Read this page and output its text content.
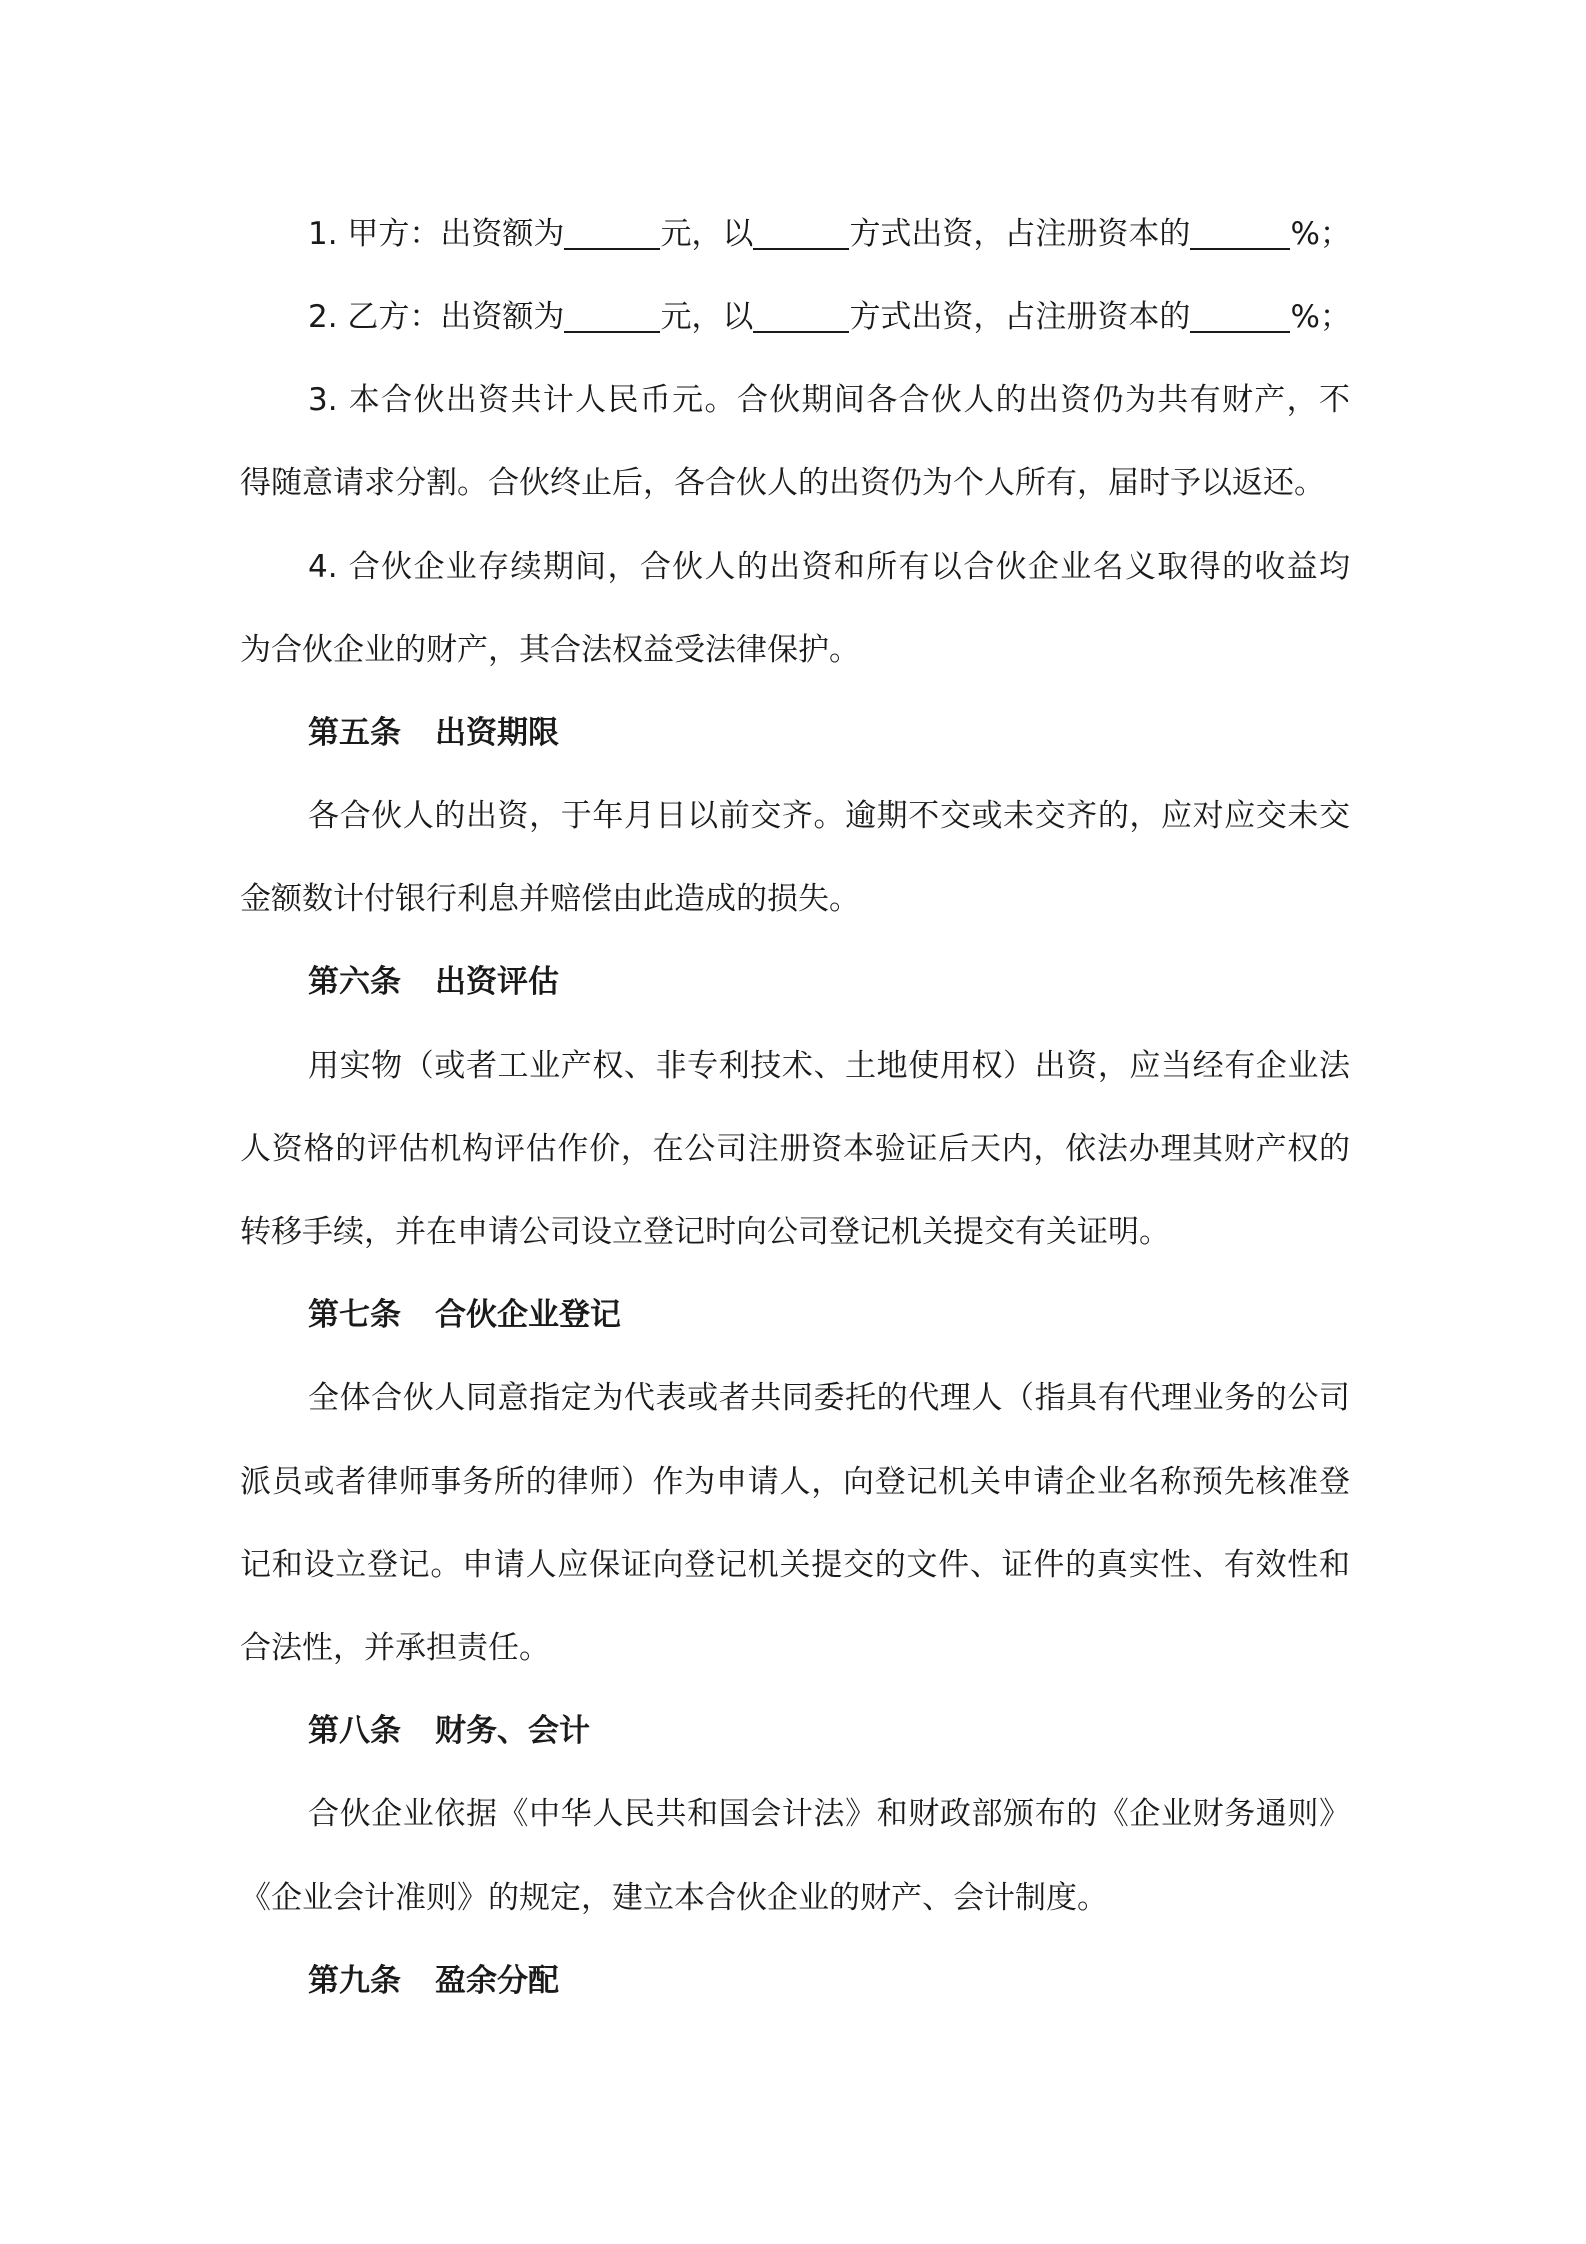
1. 甲方：出资额为	元，以	方式出资，占注册资本的	%；
2. 乙方：出资额为	元，以	方式出资，占注册资本的	%；
3. 本合伙出资共计人民币元。合伙期间各合伙人的出资仍为共有财产，不
得随意请求分割。合伙终止后，各合伙人的出资仍为个人所有，届时予以返还。
4. 合伙企业存续期间，合伙人的出资和所有以合伙企业名义取得的收益均
为合伙企业的财产，其合法权益受法律保护。
第五条 出资期限
各合伙人的出资，于年月日以前交齐。逾期不交或未交齐的，应对应交未交
金额数计付银行利息并赔偿由此造成的损失。
第六条 出资评估
用实物（或者工业产权、非专利技术、土地使用权）出资，应当经有企业法
人资格的评估机构评估作价，在公司注册资本验证后天内，依法办理其财产权的
转移手续，并在申请公司设立登记时向公司登记机关提交有关证明。
第七条 合伙企业登记
全体合伙人同意指定为代表或者共同委托的代理人（指具有代理业务的公司
派员或者律师事务所的律师）作为申请人，向登记机关申请企业名称预先核准登
记和设立登记。申请人应保证向登记机关提交的文件、证件的真实性、有效性和
合法性，并承担责任。
第八条 财务、会计
合伙企业依据《中华人民共和国会计法》和财政部颁布的《企业财务通则》
《企业会计准则》的规定，建立本合伙企业的财产、会计制度。
第九条 盈余分配
